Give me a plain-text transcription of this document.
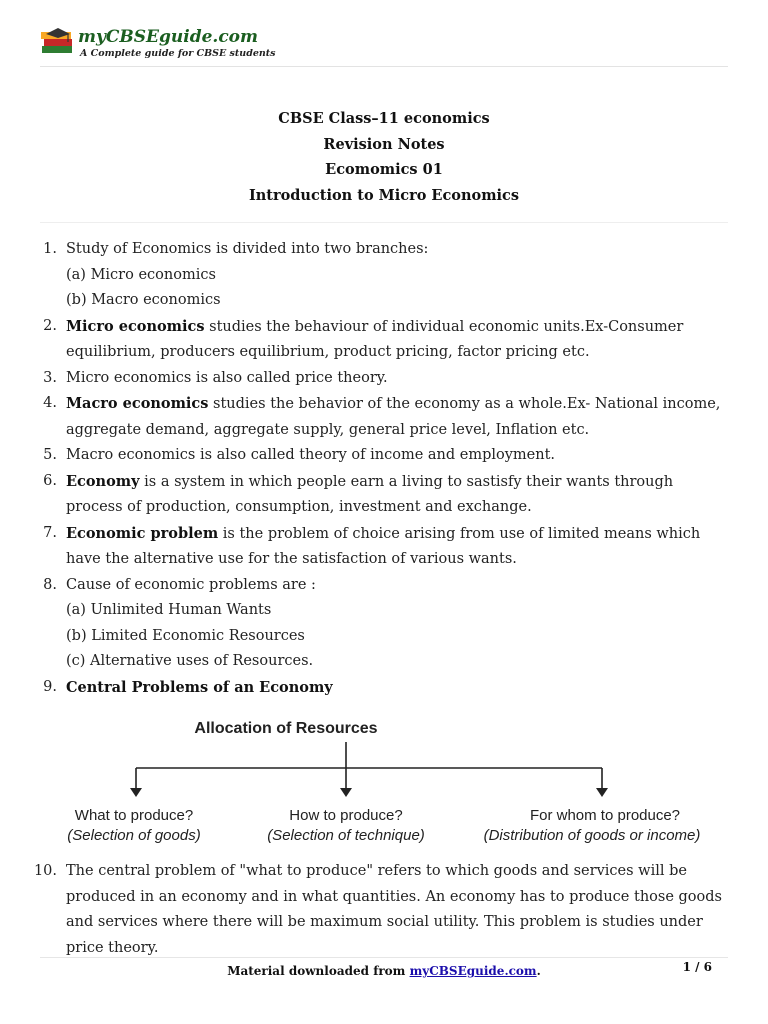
myCBSEguide.com
A Complete guide for CBSE students
CBSE Class–11 economics
Revision Notes
Ecomomics 01
Introduction to Micro Economics
1. Study of Economics is divided into two branches:
(a) Micro economics
(b) Macro economics
2. Micro economics studies the behaviour of individual economic units.Ex-Consumer
equilibrium, producers equilibrium, product pricing, factor pricing etc.
3. Micro economics is also called price theory.
4. Macro economics studies the behavior of the economy as a whole.Ex- National income,
aggregate demand, aggregate supply, general price level, Inflation etc.
5. Macro economics is also called theory of income and employment.
6. Economy is a system in which people earn a living to sastisfy their wants through
process of production, consumption, investment and exchange.
7. Economic problem is the problem of choice arising from use of limited means which
have the alternative use for the satisfaction of various wants.
8. Cause of economic problems are :
(a) Unlimited Human Wants
(b) Limited Economic Resources
(c) Alternative uses of Resources.
9. Central Problems of an Economy
Allocation of Resources
What to produce?
(Selection of goods)
How to produce?
(Selection of technique)
For whom to produce?
(Distribution of goods or income)
10. The central problem of "what to produce" refers to which goods and services will be
produced in an economy and in what quantities. An economy has to produce those goods
and services where there will be maximum social utility. This problem is studies under
price theory.
Material downloaded from myCBSEguide.com.	1 / 6
